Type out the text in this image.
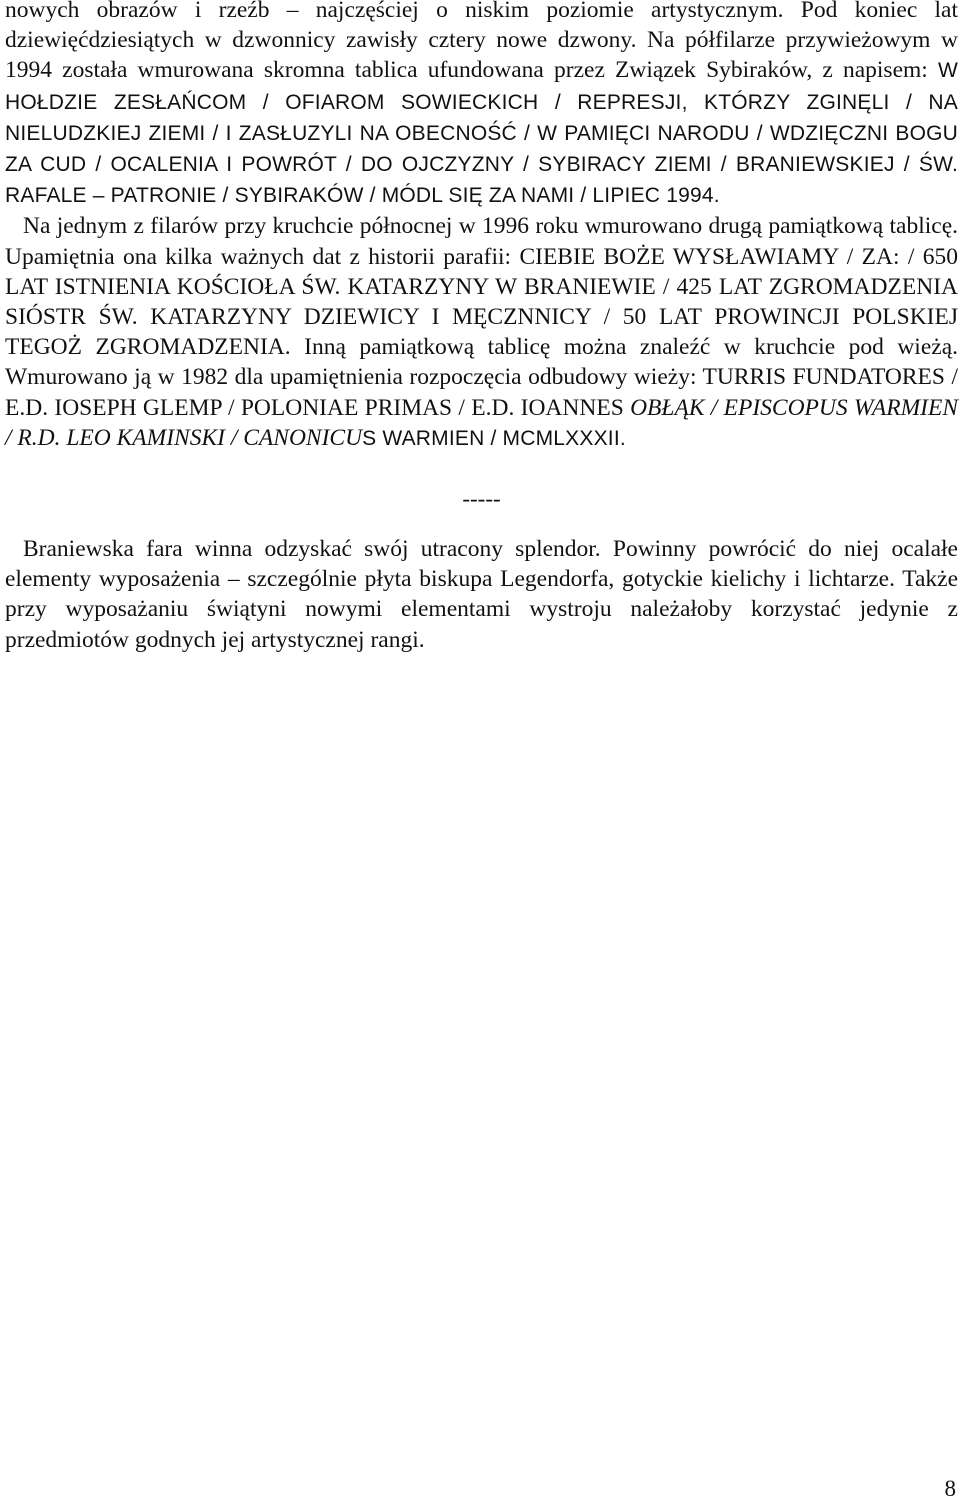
nowych obrazów i rzeźb – najczęściej o niskim poziomie artystycznym. Pod koniec lat dziewięćdziesiątych w dzwonnicy zawisły cztery nowe dzwony. Na półfilarze przywieżowym w 1994 została wmurowana skromna tablica ufundowana przez Związek Sybiraków, z napisem: W HOŁDZIE ZESŁAŃCOM / OFIAROM SOWIECKICH / REPRESJI, KTÓRZY ZGINĘLI / NA NIELUDZKIEJ ZIEMI / I ZASŁUZYLI NA OBECNOŚĆ / W PAMIĘCI NARODU / WDZIĘCZNI BOGU ZA CUD / OCALENIA I POWRÓT / DO OJCZYZNY / SYBIRACY ZIEMI / BRANIEWSKIEJ / ŚW. RAFALE – PATRONIE / SYBIRAKÓW / MÓDL SIĘ ZA NAMI / LIPIEC 1994.

Na jednym z filarów przy kruchcie północnej w 1996 roku wmurowano drugą pamiątkową tablicę. Upamiętnia ona kilka ważnych dat z historii parafii: CIEBIE BOŻE WYSŁAWIAMY / ZA: / 650 LAT ISTNIENIA KOŚCIOŁA ŚW. KATARZYNY W BRANIEWIE / 425 LAT ZGROMADZENIA SIÓSTR ŚW. KATARZYNY DZIEWICY I MĘCZNNICY / 50 LAT PROWINCJI POLSKIEJ TEGOŻ ZGROMADZENIA. Inną pamiątkową tablicę można znaleźć w kruchcie pod wieżą. Wmurowano ją w 1982 dla upamiętnienia rozpoczęcia odbudowy wieży: TURRIS FUNDATORES / E.D. IOSEPH GLEMP / POLONIAE PRIMAS / E.D. IOANNES OBŁĄK / EPISCOPUS WARMIEN / R.D. LEO KAMINSKI / CANONICUS WARMIEN / MCMLXXXII.

-----

Braniewska fara winna odzyskać swój utracony splendor. Powinny powrócić do niej ocalałe elementy wyposażenia – szczególnie płyta biskupa Legendorfa, gotyckie kielichy i lichtarze. Także przy wyposażaniu świątyni nowymi elementami wystroju należałoby korzystać jedynie z przedmiotów godnych jej artystycznej rangi.

8
